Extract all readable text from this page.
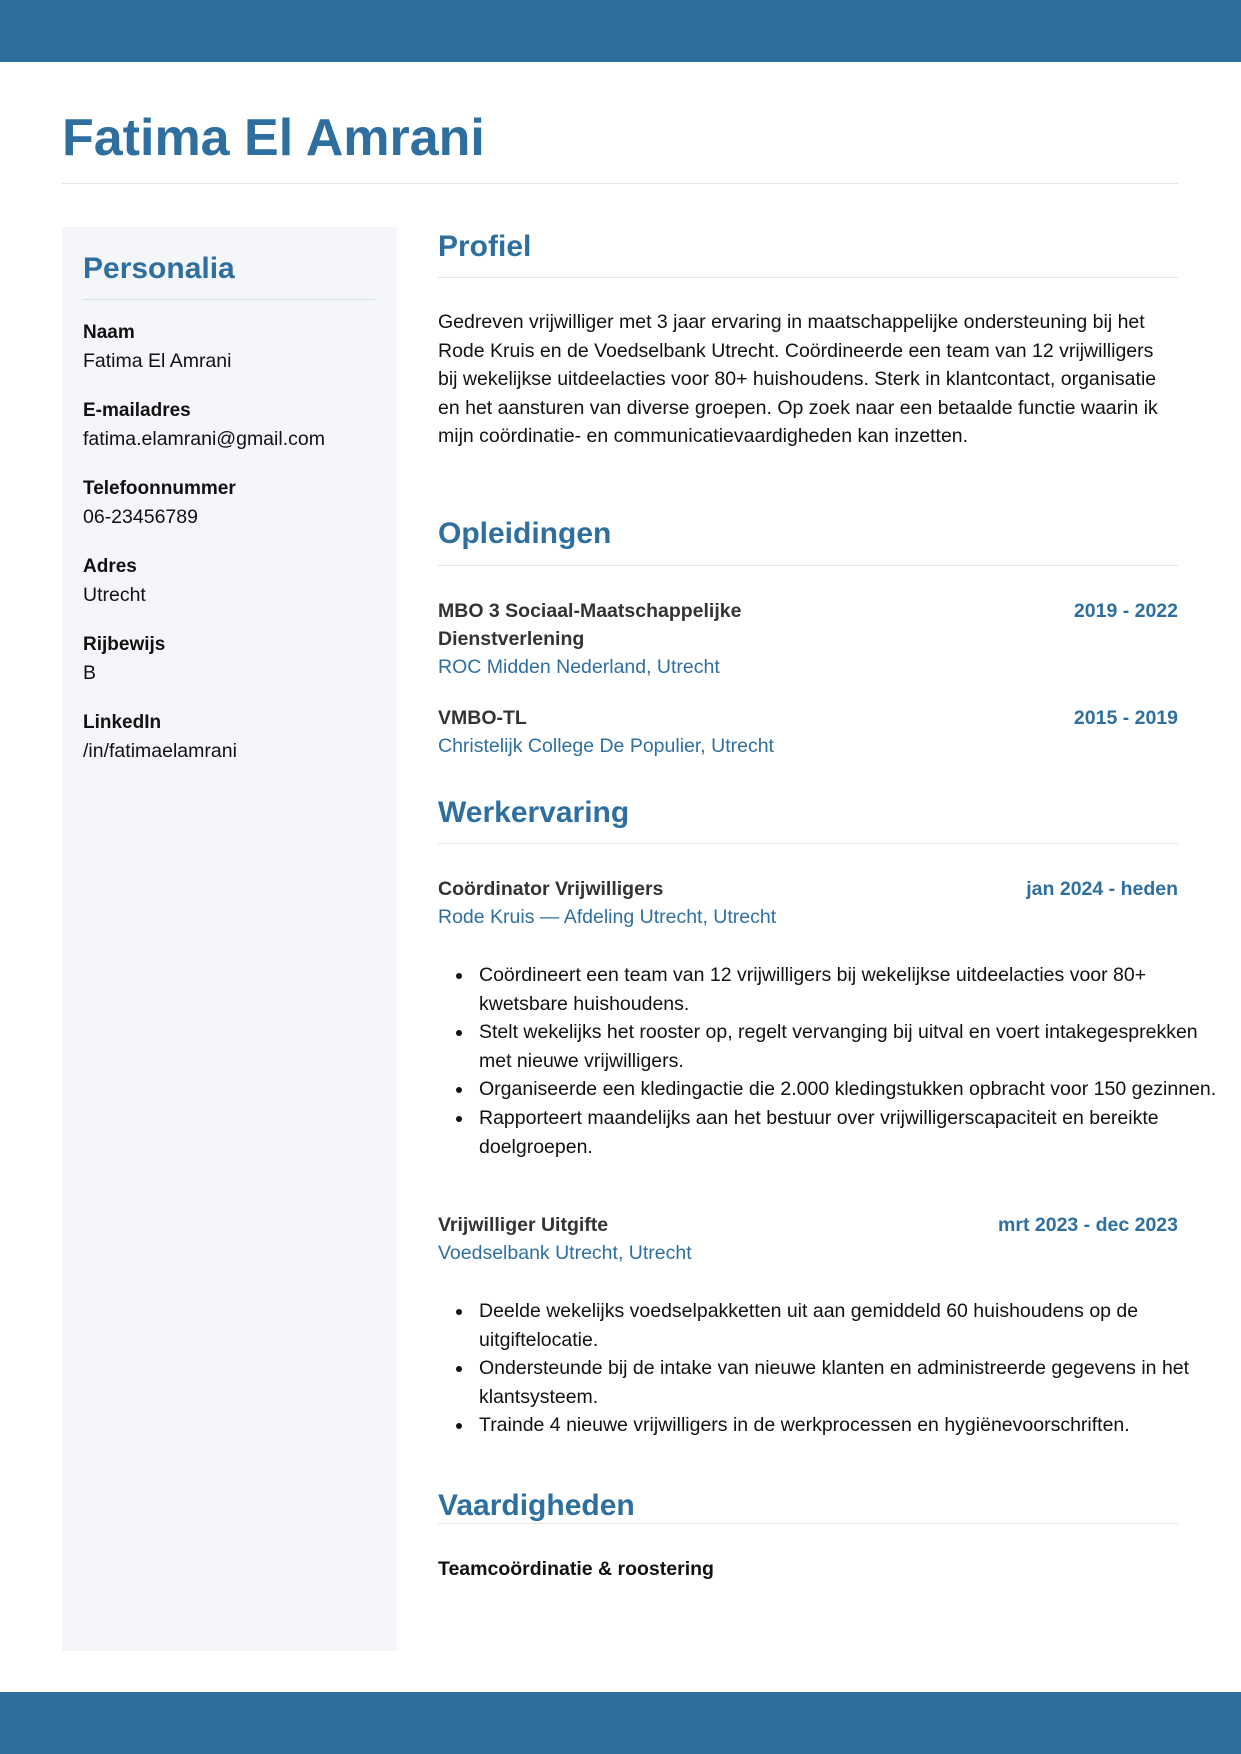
Fatima El Amrani
Personalia
Naam
Fatima El Amrani
E-mailadres
fatima.elamrani@gmail.com
Telefoonnummer
06-23456789
Adres
Utrecht
Rijbewijs
B
LinkedIn
/in/fatimaelamrani
Profiel

Gedreven vrijwilliger met 3 jaar ervaring in maatschappelijke ondersteuning bij het Rode Kruis en de Voedselbank Utrecht. Coördineerde een team van 12 vrijwilligers bij wekelijkse uitdeelacties voor 80+ huishoudens. Sterk in klantcontact, organisatie en het aansturen van diverse groepen. Op zoek naar een betaalde functie waarin ik mijn coördinatie- en communicatievaardigheden kan inzetten.

Opleidingen
MBO 3 Sociaal-Maatschappelijke Dienstverlening
ROC Midden Nederland, Utrecht
2019 - 2022
VMBO-TL
Christelijk College De Populier, Utrecht
2015 - 2019
Werkervaring
Coördinator Vrijwilligers
Rode Kruis — Afdeling Utrecht, Utrecht
jan 2024 - heden
Coördineert een team van 12 vrijwilligers bij wekelijkse uitdeelacties voor 80+ kwetsbare huishoudens.
Stelt wekelijks het rooster op, regelt vervanging bij uitval en voert intakegesprekken met nieuwe vrijwilligers.
Organiseerde een kledingactie die 2.000 kledingstukken opbracht voor 150 gezinnen.
Rapporteert maandelijks aan het bestuur over vrijwilligerscapaciteit en bereikte doelgroepen.
Vrijwilliger Uitgifte
Voedselbank Utrecht, Utrecht
mrt 2023 - dec 2023
Deelde wekelijks voedselpakketten uit aan gemiddeld 60 huishoudens op de uitgiftelocatie.
Ondersteunde bij de intake van nieuwe klanten en administreerde gegevens in het klantsysteem.
Trainde 4 nieuwe vrijwilligers in de werkprocessen en hygiënevoorschriften.
Vaardigheden
Teamcoördinatie & roostering
